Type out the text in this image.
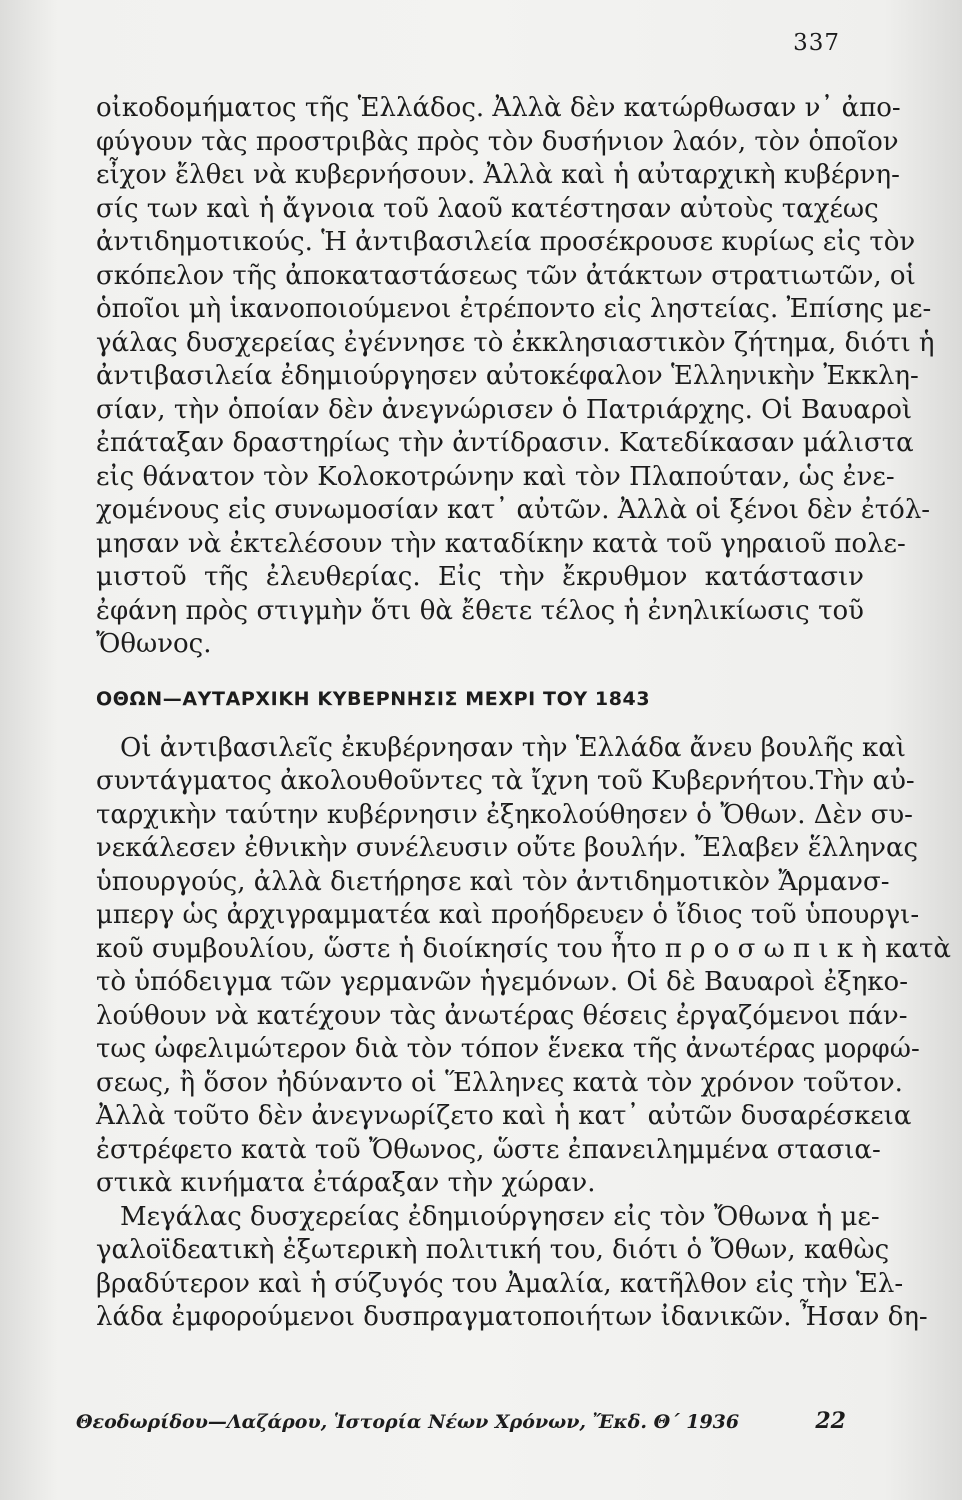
337
οἰκοδομήματος τῆς Ἑλλάδος. Ἀλλὰ δὲν κατώρθωσαν ν᾽ ἀπο-
φύγουν τὰς προστριβὰς πρὸς τὸν δυσήνιον λαόν, τὸν ὁποῖον
εἶχον ἔλθει νὰ κυβερνήσουν. Ἀλλὰ καὶ ἡ αὐταρχικὴ κυβέρνη-
σίς των καὶ ἡ ἄγνοια τοῦ λαοῦ κατέστησαν αὐτοὺς ταχέως
ἀντιδημοτικούς. Ἡ ἀντιβασιλεία προσέκρουσε κυρίως εἰς τὸν
σκόπελον τῆς ἀποκαταστάσεως τῶν ἀτάκτων στρατιωτῶν, οἱ
ὁποῖοι μὴ ἱκανοποιούμενοι ἐτρέποντο εἰς ληστείας. Ἐπίσης με-
γάλας δυσχερείας ἐγέννησε τὸ ἐκκλησιαστικὸν ζήτημα, διότι ἡ
ἀντιβασιλεία ἐδημιούργησεν αὐτοκέφαλον Ἑλληνικὴν Ἐκκλη-
σίαν, τὴν ὁποίαν δὲν ἀνεγνώρισεν ὁ Πατριάρχης. Οἱ Βαυαροὶ
ἐπάταξαν δραστηρίως τὴν ἀντίδρασιν. Κατεδίκασαν μάλιστα
εἰς θάνατον τὸν Κολοκοτρώνην καὶ τὸν Πλαπούταν, ὡς ἐνε-
χομένους εἰς συνωμοσίαν κατ᾽ αὐτῶν. Ἀλλὰ οἱ ξένοι δὲν ἐτόλ-
μησαν νὰ ἐκτελέσουν τὴν καταδίκην κατὰ τοῦ γηραιοῦ πολε-
μιστοῦ τῆς ἐλευθερίας. Εἰς τὴν ἔκρυθμον κατάστασιν
ἐφάνη πρὸς στιγμὴν ὅτι θὰ ἔθετε τέλος ἡ ἐνηλικίωσις τοῦ
Ὄθωνος.
ΟΘΩΝ—ΑΥΤΑΡΧΙΚΗ ΚΥΒΕΡΝΗΣΙΣ ΜΕΧΡΙ ΤΟΥ 1843
Οἱ ἀντιβασιλεῖς ἐκυβέρνησαν τὴν Ἑλλάδα ἄνευ βουλῆς καὶ
συντάγματος ἀκολουθοῦντες τὰ ἴχνη τοῦ Κυβερνήτου.Τὴν αὐ-
ταρχικὴν ταύτην κυβέρνησιν ἐξηκολούθησεν ὁ Ὄθων. Δὲν συ-
νεκάλεσεν ἐθνικὴν συνέλευσιν οὔτε βουλήν. Ἔλαβεν ἕλληνας
ὑπουργούς, ἀλλὰ διετήρησε καὶ τὸν ἀντιδημοτικὸν Ἄρμανσ-
μπεργ ὡς ἀρχιγραμματέα καὶ προήδρευεν ὁ ἴδιος τοῦ ὑπουργι-
κοῦ συμβουλίου, ὥστε ἡ διοίκησίς του ἦτο π ρ ο σ ω π ι κ ὴ κατὰ
τὸ ὑπόδειγμα τῶν γερμανῶν ἡγεμόνων. Οἱ δὲ Βαυαροὶ ἐξηκο-
λούθουν νὰ κατέχουν τὰς ἀνωτέρας θέσεις ἐργαζόμενοι πάν-
τως ὠφελιμώτερον διὰ τὸν τόπον ἕνεκα τῆς ἀνωτέρας μορφώ-
σεως, ἢ ὅσον ἠδύναντο οἱ Ἕλληνες κατὰ τὸν χρόνον τοῦτον.
Ἀλλὰ τοῦτο δὲν ἀνεγνωρίζετο καὶ ἡ κατ᾽ αὐτῶν δυσαρέσκεια
ἐστρέφετο κατὰ τοῦ Ὄθωνος, ὥστε ἐπανειλημμένα στασια-
στικὰ κινήματα ἐτάραξαν τὴν χώραν.
Μεγάλας δυσχερείας ἐδημιούργησεν εἰς τὸν Ὄθωνα ἡ με-
γαλοϊδεατικὴ ἐξωτερικὴ πολιτική του, διότι ὁ Ὄθων, καθὼς
βραδύτερον καὶ ἡ σύζυγός του Ἀμαλία, κατῆλθον εἰς τὴν Ἑλ-
λάδα ἐμφορούμενοι δυσπραγματοποιήτων ἰδανικῶν. Ἦσαν δη-
Θεοδωρίδου—Λαζάρου, Ἱστορία Νέων Χρόνων, Ἔκδ. Θ΄ 1936	22
